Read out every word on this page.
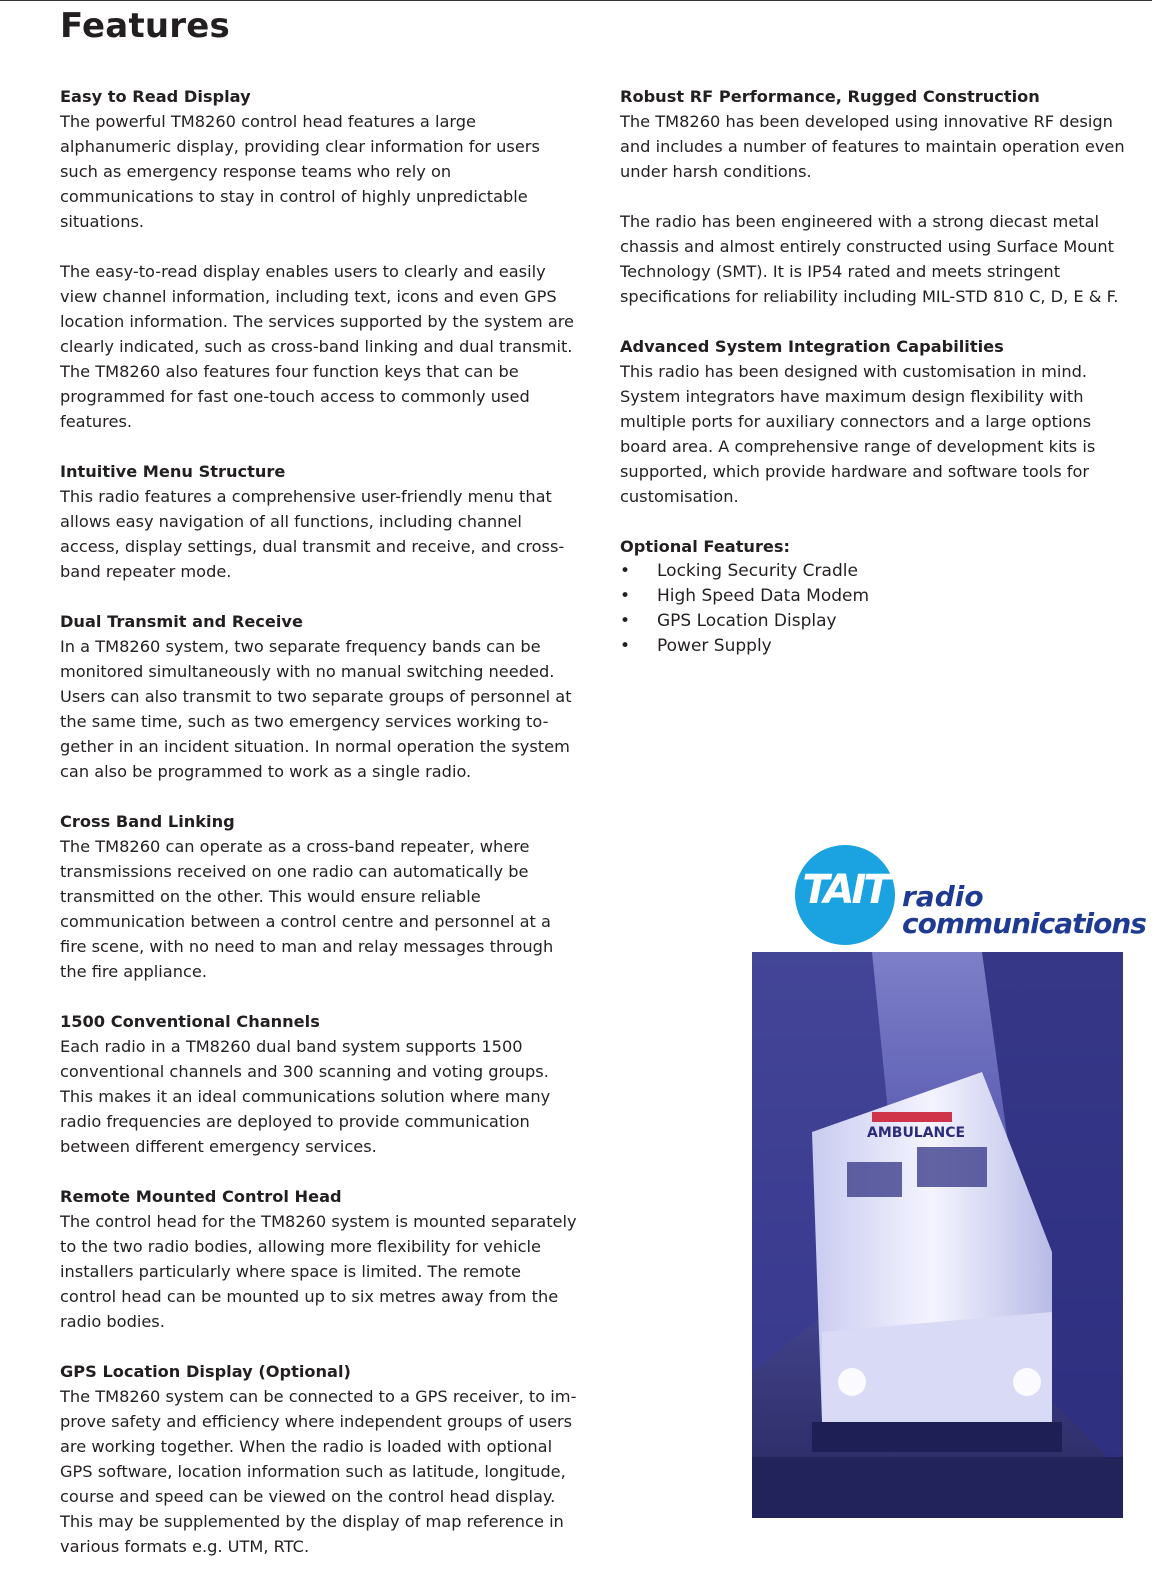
Features
Easy to Read Display

The powerful TM8260 control head features a large alphanumeric display, providing clear information for users such as emergency response teams who rely on communications to stay in control of highly unpredictable situations.

The easy-to-read display enables users to clearly and easily view channel information, including text, icons and even GPS location information. The services supported by the system are clearly indicated, such as cross-band linking and dual transmit.

The TM8260 also features four function keys that can be programmed for fast one-touch access to commonly used features.

Intuitive Menu Structure

This radio features a comprehensive user-friendly menu that allows easy navigation of all functions, including channel access, display settings, dual transmit and receive, and cross-band repeater mode.

Dual Transmit and Receive

In a TM8260 system, two separate frequency bands can be monitored simultaneously with no manual switching needed. Users can also transmit to two separate groups of personnel at the same time, such as two emergency services working to-gether in an incident situation. In normal operation the system can also be programmed to work as a single radio.

Cross Band Linking

The TM8260 can operate as a cross-band repeater, where transmissions received on one radio can automatically be transmitted on the other. This would ensure reliable communication between a control centre and personnel at a fire scene, with no need to man and relay messages through the fire appliance.

1500 Conventional Channels

Each radio in a TM8260 dual band system supports 1500 conventional channels and 300 scanning and voting groups. This makes it an ideal communications solution where many radio frequencies are deployed to provide communication between different emergency services.

Remote Mounted Control Head

The control head for the TM8260 system is mounted separately to the two radio bodies, allowing more flexibility for vehicle installers particularly where space is limited. The remote control head can be mounted up to six metres away from the radio bodies.

GPS Location Display (Optional)

The TM8260 system can be connected to a GPS receiver, to im-prove safety and efficiency where independent groups of users are working together. When the radio is loaded with optional GPS software, location information such as latitude, longitude, course and speed can be viewed on the control head display.

This may be supplemented by the display of map reference in various formats e.g. UTM, RTC.

Robust RF Performance, Rugged Construction

The TM8260 has been developed using innovative RF design and includes a number of features to maintain operation even under harsh conditions.

The radio has been engineered with a strong diecast metal chassis and almost entirely constructed using Surface Mount Technology (SMT). It is IP54 rated and meets stringent specifications for reliability including MIL-STD 810 C, D, E & F.

Advanced System Integration Capabilities

This radio has been designed with customisation in mind. System integrators have maximum design flexibility with multiple ports for auxiliary connectors and a large options board area. A comprehensive range of development kits is supported, which provide hardware and software tools for customisation.

Optional Features:
• Locking Security Cradle
• High Speed Data Modem
• GPS Location Display
• Power Supply
TAIT radio
communications
AMBULANCE
